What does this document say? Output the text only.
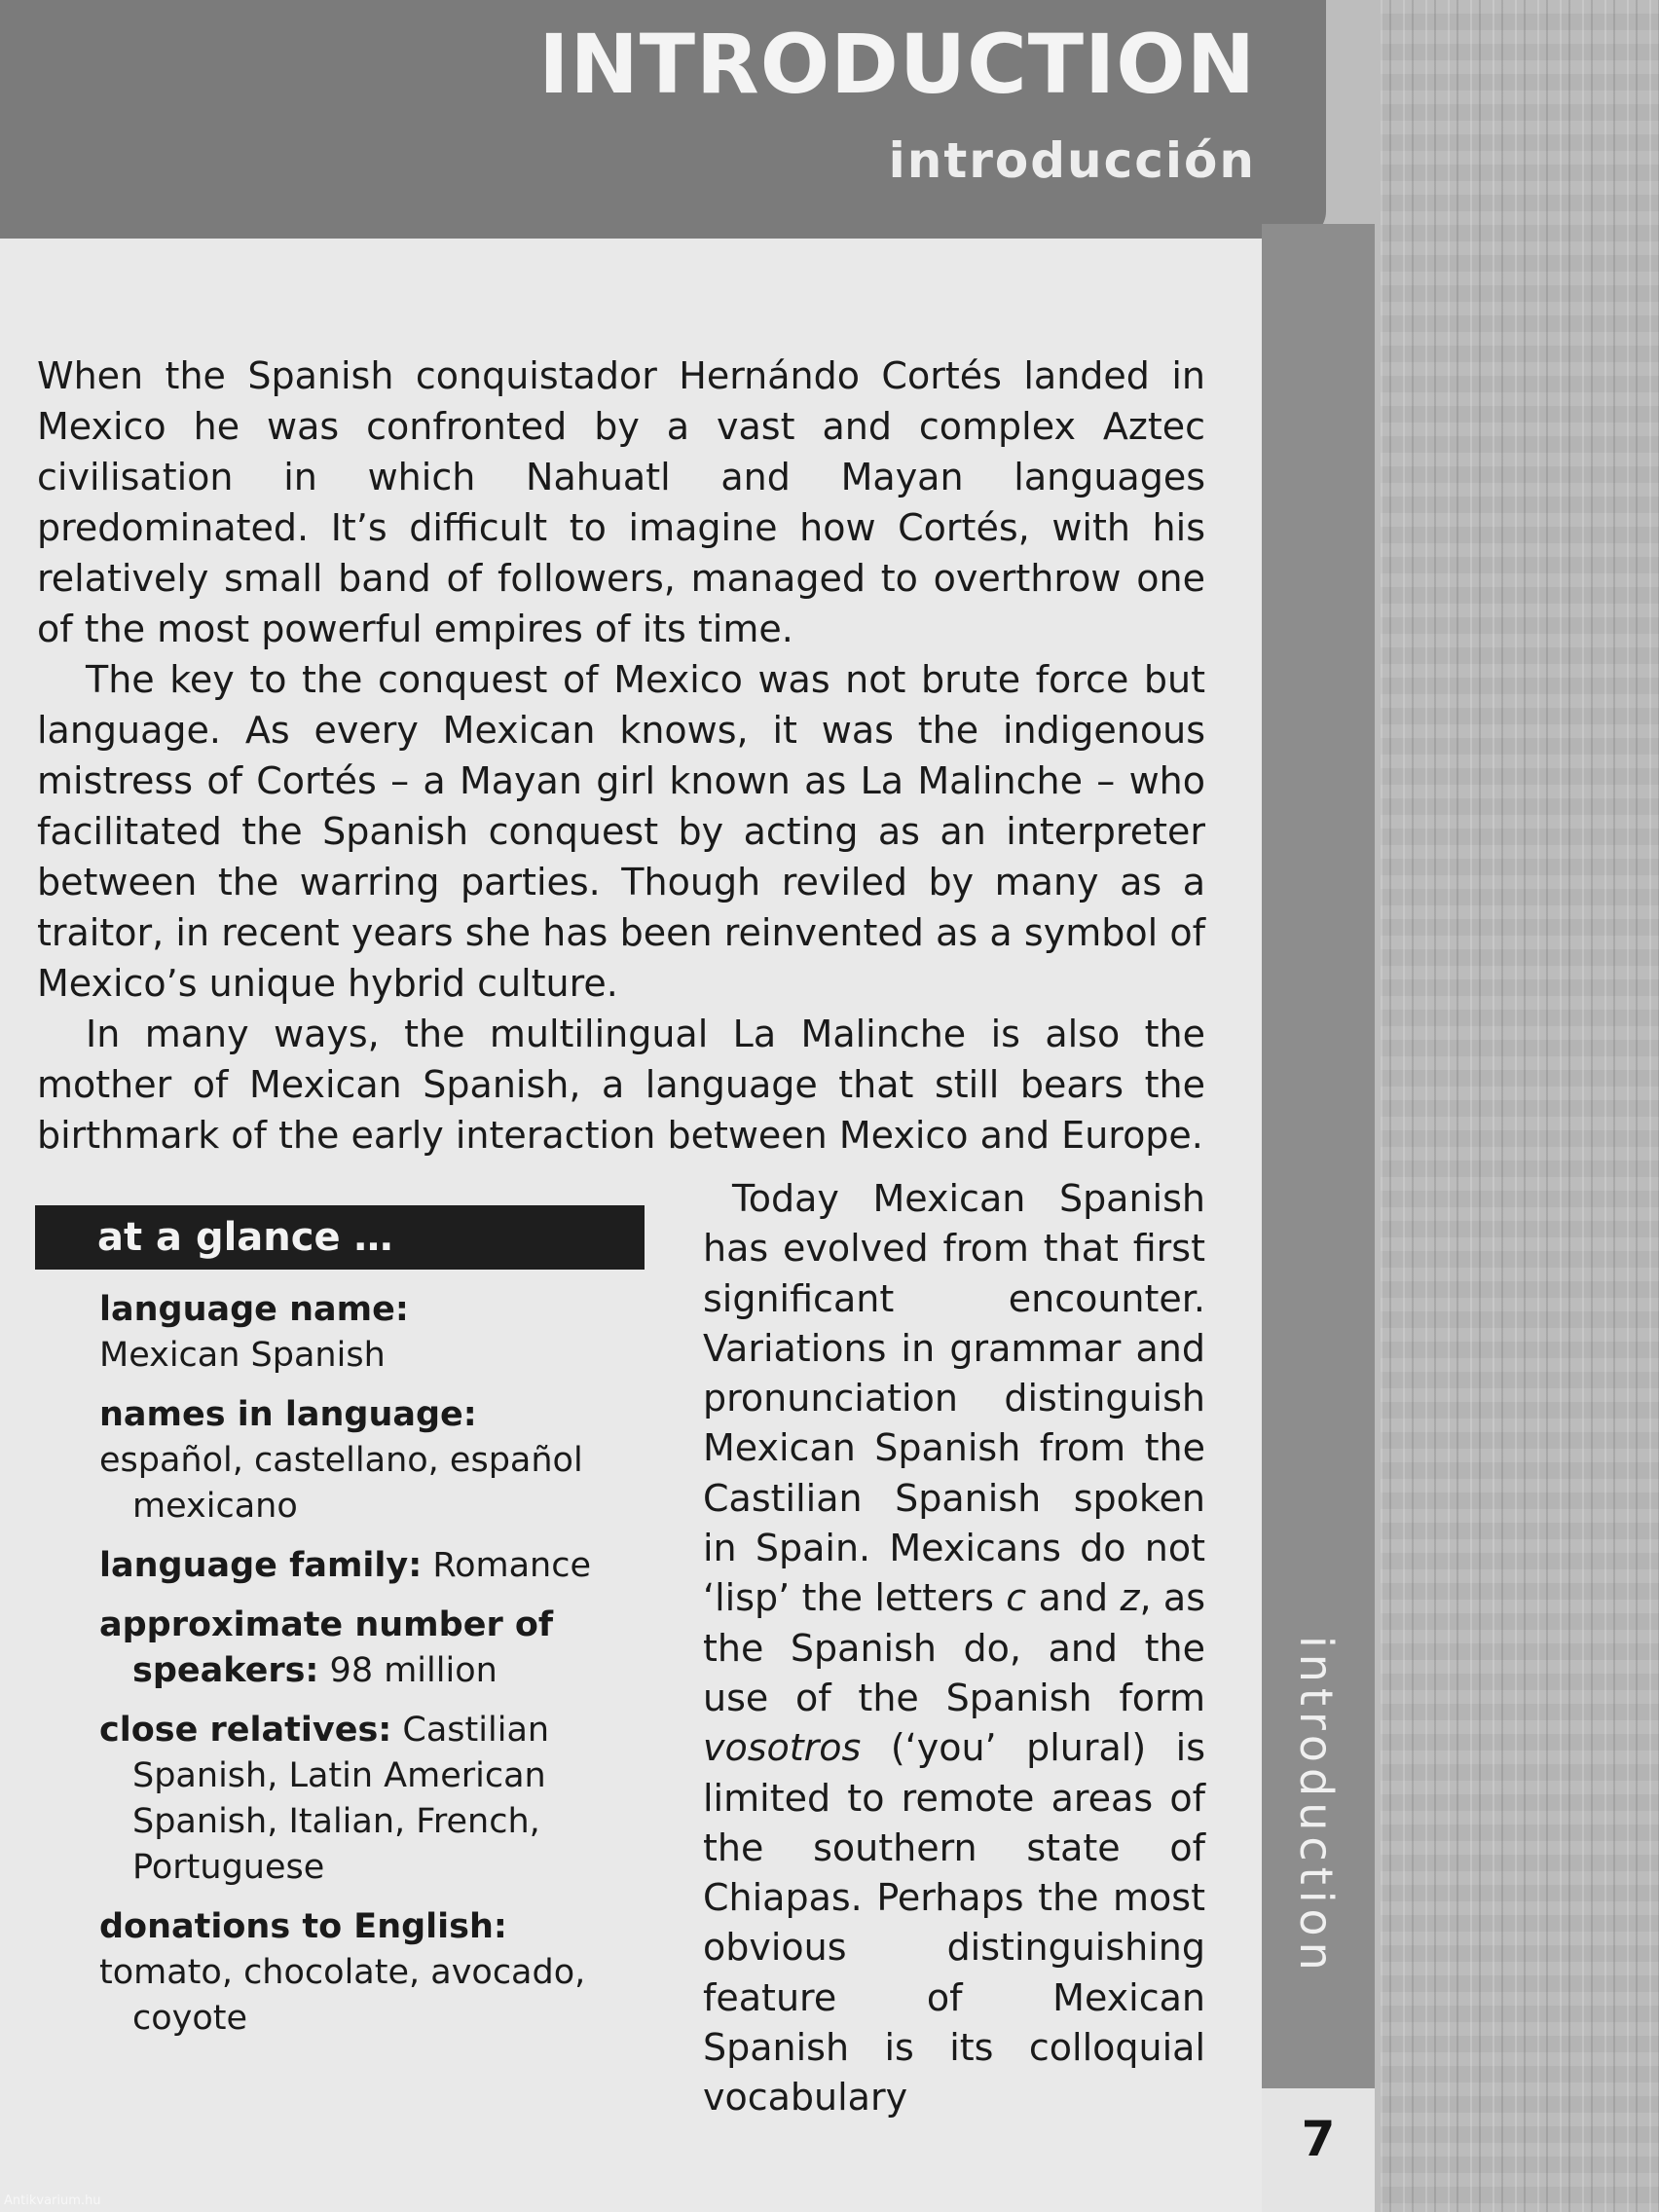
INTRODUCTION
introducción
7

When the Spanish conquistador Hernándo Cortés landed in Mexico he was confronted by a vast and complex Aztec civilisation in which Nahuatl and Mayan languages predominated. It’s difficult to imagine how Cortés, with his relatively small band of followers, managed to overthrow one of the most powerful empires of its time.

The key to the conquest of Mexico was not brute force but language. As every Mexican knows, it was the indigenous mistress of Cortés – a Mayan girl known as La Malinche – who facilitated the Spanish conquest by acting as an interpreter between the warring parties. Though reviled by many as a traitor, in recent years she has been reinvented as a symbol of Mexico’s unique hybrid culture.

In many ways, the multilingual La Malinche is also the mother of Mexican Spanish, a language that still bears the birthmark of the early interaction between Mexico and Europe.

at a glance …
language name:
Mexican Spanish
names in language:
español, castellano, español mexicano
language family: Romance
approximate number of speakers: 98 million
close relatives: Castilian Spanish, Latin American Spanish, Italian, French, Portuguese
donations to English:
tomato, chocolate, avocado, coyote

Today Mexican Spanish has evolved from that first significant encounter. Variations in grammar and pronunciation distinguish Mexican Spanish from the Castilian Spanish spoken in Spain. Mexicans do not ‘lisp’ the letters c and z, as the Spanish do, and the use of the Spanish form vosotros (‘you’ plural) is limited to remote areas of the southern state of Chiapas. Perhaps the most obvious distinguishing feature of Mexican Spanish is its colloquial vocabulary

Antikvarium.hu
